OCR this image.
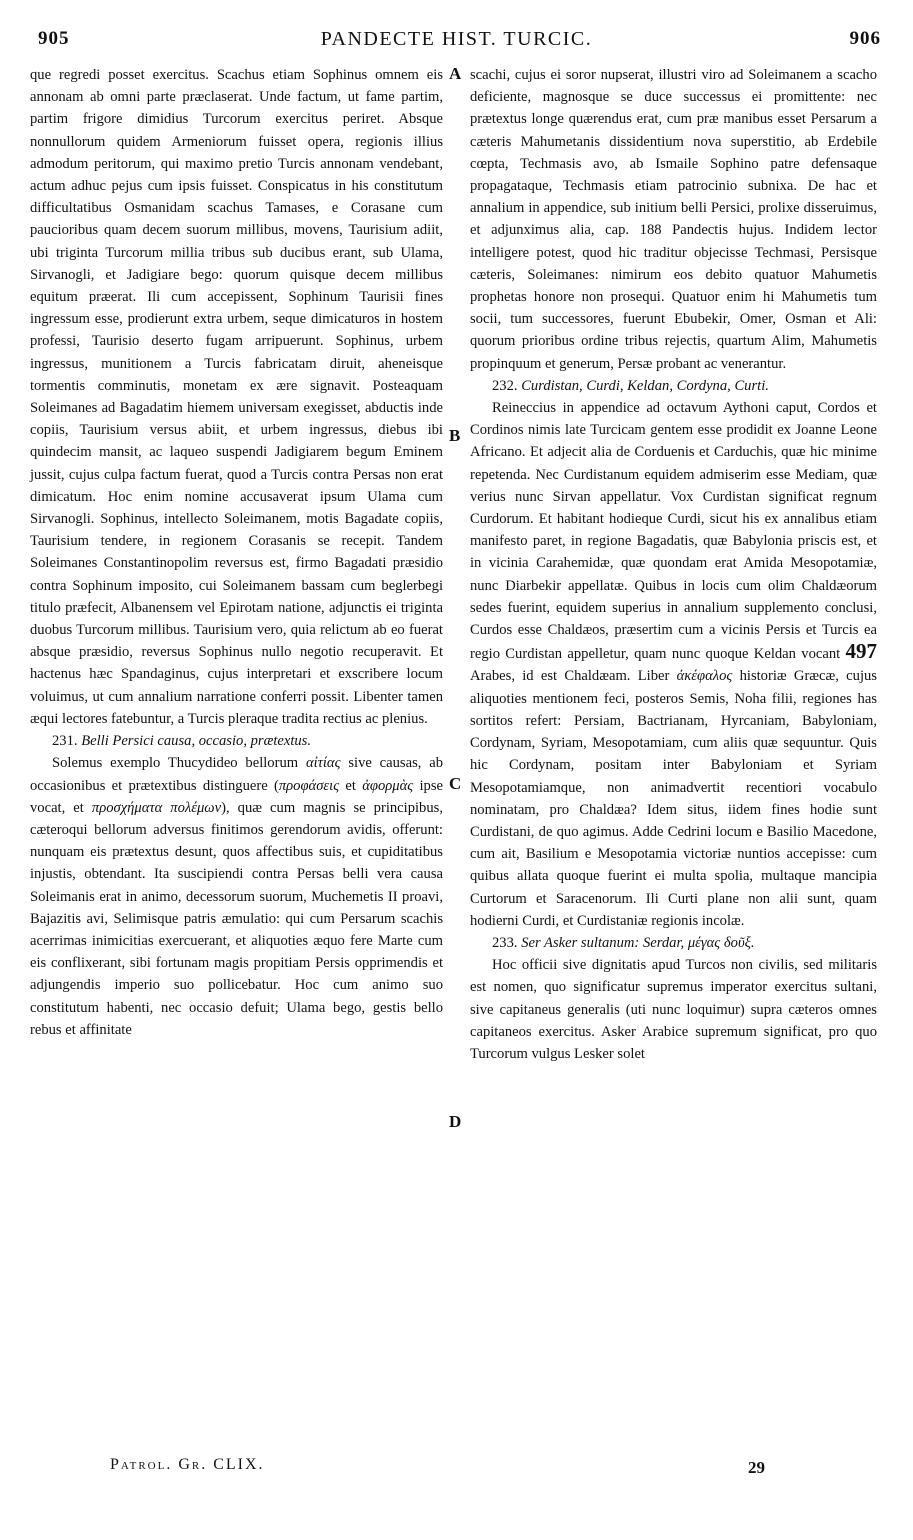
905	PANDECTE HIST. TURCIC.	906

que regredi posset exercitus. Scachus etiam Sophinus omnem eis annonam ab omni parte præclaserat. Unde factum, ut fame partim, partim frigore dimidius Turcorum exercitus periret. Absque nonnullorum quidem Armeniorum fuisset opera, regionis illius admodum peritorum, qui maximo pretio Turcis annonam vendebant, actum adhuc pejus cum ipsis fuisset. Conspicatus in his constitutum difficultatibus Osmanidam scachus Tamases, e Corasane cum paucioribus quam decem suorum millibus, movens, Taurisium adiit, ubi triginta Turcorum millia tribus sub ducibus erant, sub Ulama, Sirvanogli, et Jadigiare bego: quorum quisque decem millibus equitum præerat. Ili cum accepissent, Sophinum Taurisii fines ingressum esse, prodierunt extra urbem, seque dimicaturos in hostem professi, Taurisio deserto fugam arripuerunt. Sophinus, urbem ingressus, munitionem a Turcis fabricatam diruit, aheneisque tormentis comminutis, monetam ex ære signavit. Posteaquam Soleimanes ad Bagadatim hiemem universam exegisset, abductis inde copiis, Taurisium versus abiit, et urbem ingressus, diebus ibi quindecim mansit, ac laqueo suspendi Jadigiarem begum Eminem jussit, cujus culpa factum fuerat, quod a Turcis contra Persas non erat dimicatum. Hoc enim nomine accusaverat ipsum Ulama cum Sirvanogli. Sophinus, intellecto Soleimanem, motis Bagadate copiis, Taurisium tendere, in regionem Corasanis se recepit. Tandem Soleimanes Constantinopolim reversus est, firmo Bagadati præsidio contra Sophinum imposito, cui Soleimanem bassam cum beglerbegi titulo præfecit, Albanensem vel Epirotam natione, adjunctis ei triginta duobus Turcorum millibus. Taurisium vero, quia relictum ab eo fuerat absque præsidio, reversus Sophinus nullo negotio recuperavit. Et hactenus hæc Spandaginus, cujus interpretari et exscribere locum voluimus, ut cum annalium narratione conferri possit. Libenter tamen æqui lectores fatebuntur, a Turcis pleraque tradita rectius ac plenius.

231. Belli Persici causa, occasio, prætextus.

Solemus exemplo Thucydideo bellorum αἰτίας sive causas, ab occasionibus et prætextibus distinguere (προφάσεις et ἀφορμὰς ipse vocat, et προσχήματα πολέμων), quæ cum magnis se principibus, cæteroqui bellorum adversus finitimos gerendorum avidis, offerunt: nunquam eis prætextus desunt, quos affectibus suis, et cupiditatibus injustis, obtendant. Ita suscipiendi contra Persas belli vera causa Soleimanis erat in animo, decessorum suorum, Muchemetis II proavi, Bajazitis avi, Selimisque patris æmulatio: qui cum Persarum scachis acerrimas inimicitias exercuerant, et aliquoties æquo fere Marte cum eis conflixerant, sibi fortunam magis propitiam Persis opprimendis et adjungendis imperio suo pollicebatur. Hoc cum animo suo constitutum habenti, nec occasio defuit; Ulama bego, gestis bello rebus et affinitate

A
B
C
D

scachi, cujus ei soror nupserat, illustri viro ad Soleimanem a scacho deficiente, magnosque se duce successus ei promittente: nec prætextus longe quærendus erat, cum præ manibus esset Persarum a cæteris Mahumetanis dissidentium nova superstitio, ab Erdebile cœpta, Techmasis avo, ab Ismaile Sophino patre defensaque propagataque, Techmasis etiam patrocinio subnixa. De hac et annalium in appendice, sub initium belli Persici, prolixe disseruimus, et adjunximus alia, cap. 188 Pandectis hujus. Indidem lector intelligere potest, quod hic traditur objecisse Techmasi, Persisque cæteris, Soleimanes: nimirum eos debito quatuor Mahumetis prophetas honore non prosequi. Quatuor enim hi Mahumetis tum socii, tum successores, fuerunt Ebubekir, Omer, Osman et Ali: quorum prioribus ordine tribus rejectis, quartum Alim, Mahumetis propinquum et generum, Persæ probant ac venerantur.

232. Curdistan, Curdi, Keldan, Cordyna, Curti.

Reineccius in appendice ad octavum Aythoni caput, Cordos et Cordinos nimis late Turcicam gentem esse prodidit ex Joanne Leone Africano. Et adjecit alia de Corduenis et Carduchis, quæ hic minime repetenda. Nec Curdistanum equidem admiserim esse Mediam, quæ verius nunc Sirvan appellatur. Vox Curdistan significat regnum Curdorum. Et habitant hodieque Curdi, sicut his ex annalibus etiam manifesto paret, in regione Bagadatis, quæ Babylonia priscis est, et in vicinia Carahemidæ, quæ quondam erat Amida Mesopotamiæ, nunc Diarbekir appellatæ. Quibus in locis cum olim Chaldæorum sedes fuerint, equidem superius in annalium supplemento conclusi, Curdos esse Chaldæos, præsertim cum a vicinis Persis et Turcis ea regio Curdistan appelletur, quam nunc quoque Keldan vocant 497 Arabes, id est Chaldæam. Liber ἀκέφαλος historiæ Græcæ, cujus aliquoties mentionem feci, posteros Semis, Noha filii, regiones has sortitos refert: Persiam, Bactrianam, Hyrcaniam, Babyloniam, Cordynam, Syriam, Mesopotamiam, cum aliis quæ sequuntur. Quis hic Cordynam, positam inter Babyloniam et Syriam Mesopotamiamque, non animadvertit recentiori vocabulo nominatam, pro Chaldæa? Idem situs, iidem fines hodie sunt Curdistani, de quo agimus. Adde Cedrini locum e Basilio Macedone, cum ait, Basilium e Mesopotamia victoriæ nuntios accepisse: cum quibus allata quoque fuerint ei multa spolia, multaque mancipia Curtorum et Saracenorum. Ili Curti plane non alii sunt, quam hodierni Curdi, et Curdistaniæ regionis incolæ.

233. Ser Asker sultanum: Serdar, μέγας δοῦξ.

Hoc officii sive dignitatis apud Turcos non civilis, sed militaris est nomen, quo significatur supremus imperator exercitus sultani, sive capitaneus generalis (uti nunc loquimur) supra cæteros omnes capitaneos exercitus. Asker Arabice supremum significat, pro quo Turcorum vulgus Lesker solet

Patrol. Gr. CLIX.	29
